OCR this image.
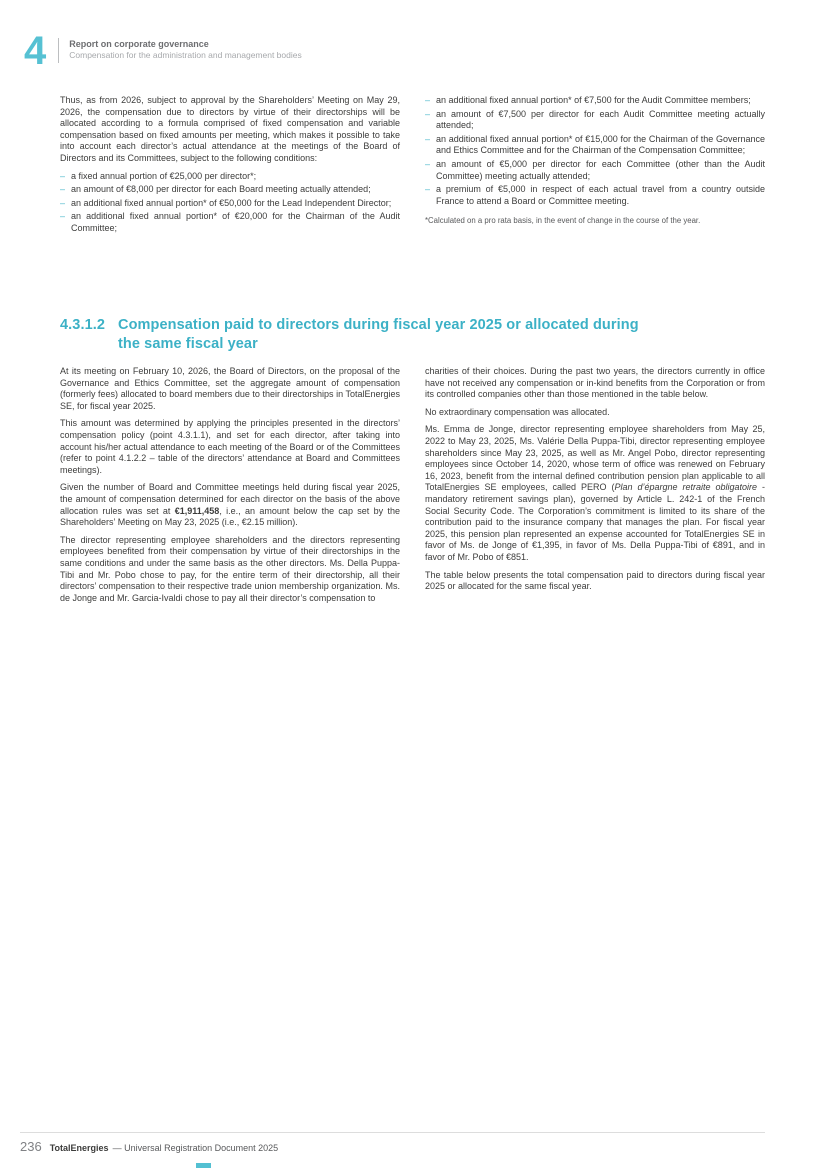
4	Report on corporate governance
Compensation for the administration and management bodies

Thus, as from 2026, subject to approval by the Shareholders’ Meeting on May 29, 2026, the compensation due to directors by virtue of their directorships will be allocated according to a formula comprised of fixed compensation and variable compensation based on fixed amounts per meeting, which makes it possible to take into account each director’s actual attendance at the meetings of the Board of Directors and its Committees, subject to the following conditions:

– a fixed annual portion of €25,000 per director*;
– an amount of €8,000 per director for each Board meeting actually attended;
– an additional fixed annual portion* of €50,000 for the Lead Independent Director;
– an additional fixed annual portion* of €20,000 for the Chairman of the Audit Committee;
– an additional fixed annual portion* of €7,500 for the Audit Committee members;
– an amount of €7,500 per director for each Audit Committee meeting actually attended;
– an additional fixed annual portion* of €15,000 for the Chairman of the Governance and Ethics Committee and for the Chairman of the Compensation Committee;
– an amount of €5,000 per director for each Committee (other than the Audit Committee) meeting actually attended;
– a premium of €5,000 in respect of each actual travel from a country outside France to attend a Board or Committee meeting.
*Calculated on a pro rata basis, in the event of change in the course of the year.
4.3.1.2 Compensation paid to directors during fiscal year 2025 or allocated during
the same fiscal year

At its meeting on February 10, 2026, the Board of Directors, on the proposal of the Governance and Ethics Committee, set the aggregate amount of compensation (formerly fees) allocated to board members due to their directorships in TotalEnergies SE, for fiscal year 2025.

This amount was determined by applying the principles presented in the directors’ compensation policy (point 4.3.1.1), and set for each director, after taking into account his/her actual attendance to each meeting of the Board or of the Committees (refer to point 4.1.2.2 – table of the directors’ attendance at Board and Committees meetings).

Given the number of Board and Committee meetings held during fiscal year 2025, the amount of compensation determined for each director on the basis of the above allocation rules was set at €1,911,458, i.e., an amount below the cap set by the Shareholders’ Meeting on May 23, 2025 (i.e., €2.15 million).

The director representing employee shareholders and the directors representing employees benefited from their compensation by virtue of their directorships in the same conditions and under the same basis as the other directors. Ms. Della Puppa-Tibi and Mr. Pobo chose to pay, for the entire term of their directorship, all their directors’ compensation to their respective trade union membership organization. Ms. de Jonge and Mr. Garcia-Ivaldi chose to pay all their director’s compensation to

charities of their choices. During the past two years, the directors currently in office have not received any compensation or in-kind benefits from the Corporation or from its controlled companies other than those mentioned in the table below.

No extraordinary compensation was allocated.

Ms. Emma de Jonge, director representing employee shareholders from May 25, 2022 to May 23, 2025, Ms. Valérie Della Puppa-Tibi, director representing employee shareholders since May 23, 2025, as well as Mr. Angel Pobo, director representing employees since October 14, 2020, whose term of office was renewed on February 16, 2023, benefit from the internal defined contribution pension plan applicable to all TotalEnergies SE employees, called PERO (Plan d’épargne retraite obligatoire - mandatory retirement savings plan), governed by Article L. 242-1 of the French Social Security Code. The Corporation’s commitment is limited to its share of the contribution paid to the insurance company that manages the plan. For fiscal year 2025, this pension plan represented an expense accounted for TotalEnergies SE in favor of Ms. de Jonge of €1,395, in favor of Ms. Della Puppa-Tibi of €891, and in favor of Mr. Pobo of €851.

The table below presents the total compensation paid to directors during fiscal year 2025 or allocated for the same fiscal year.

236 TotalEnergies — Universal Registration Document 2025
